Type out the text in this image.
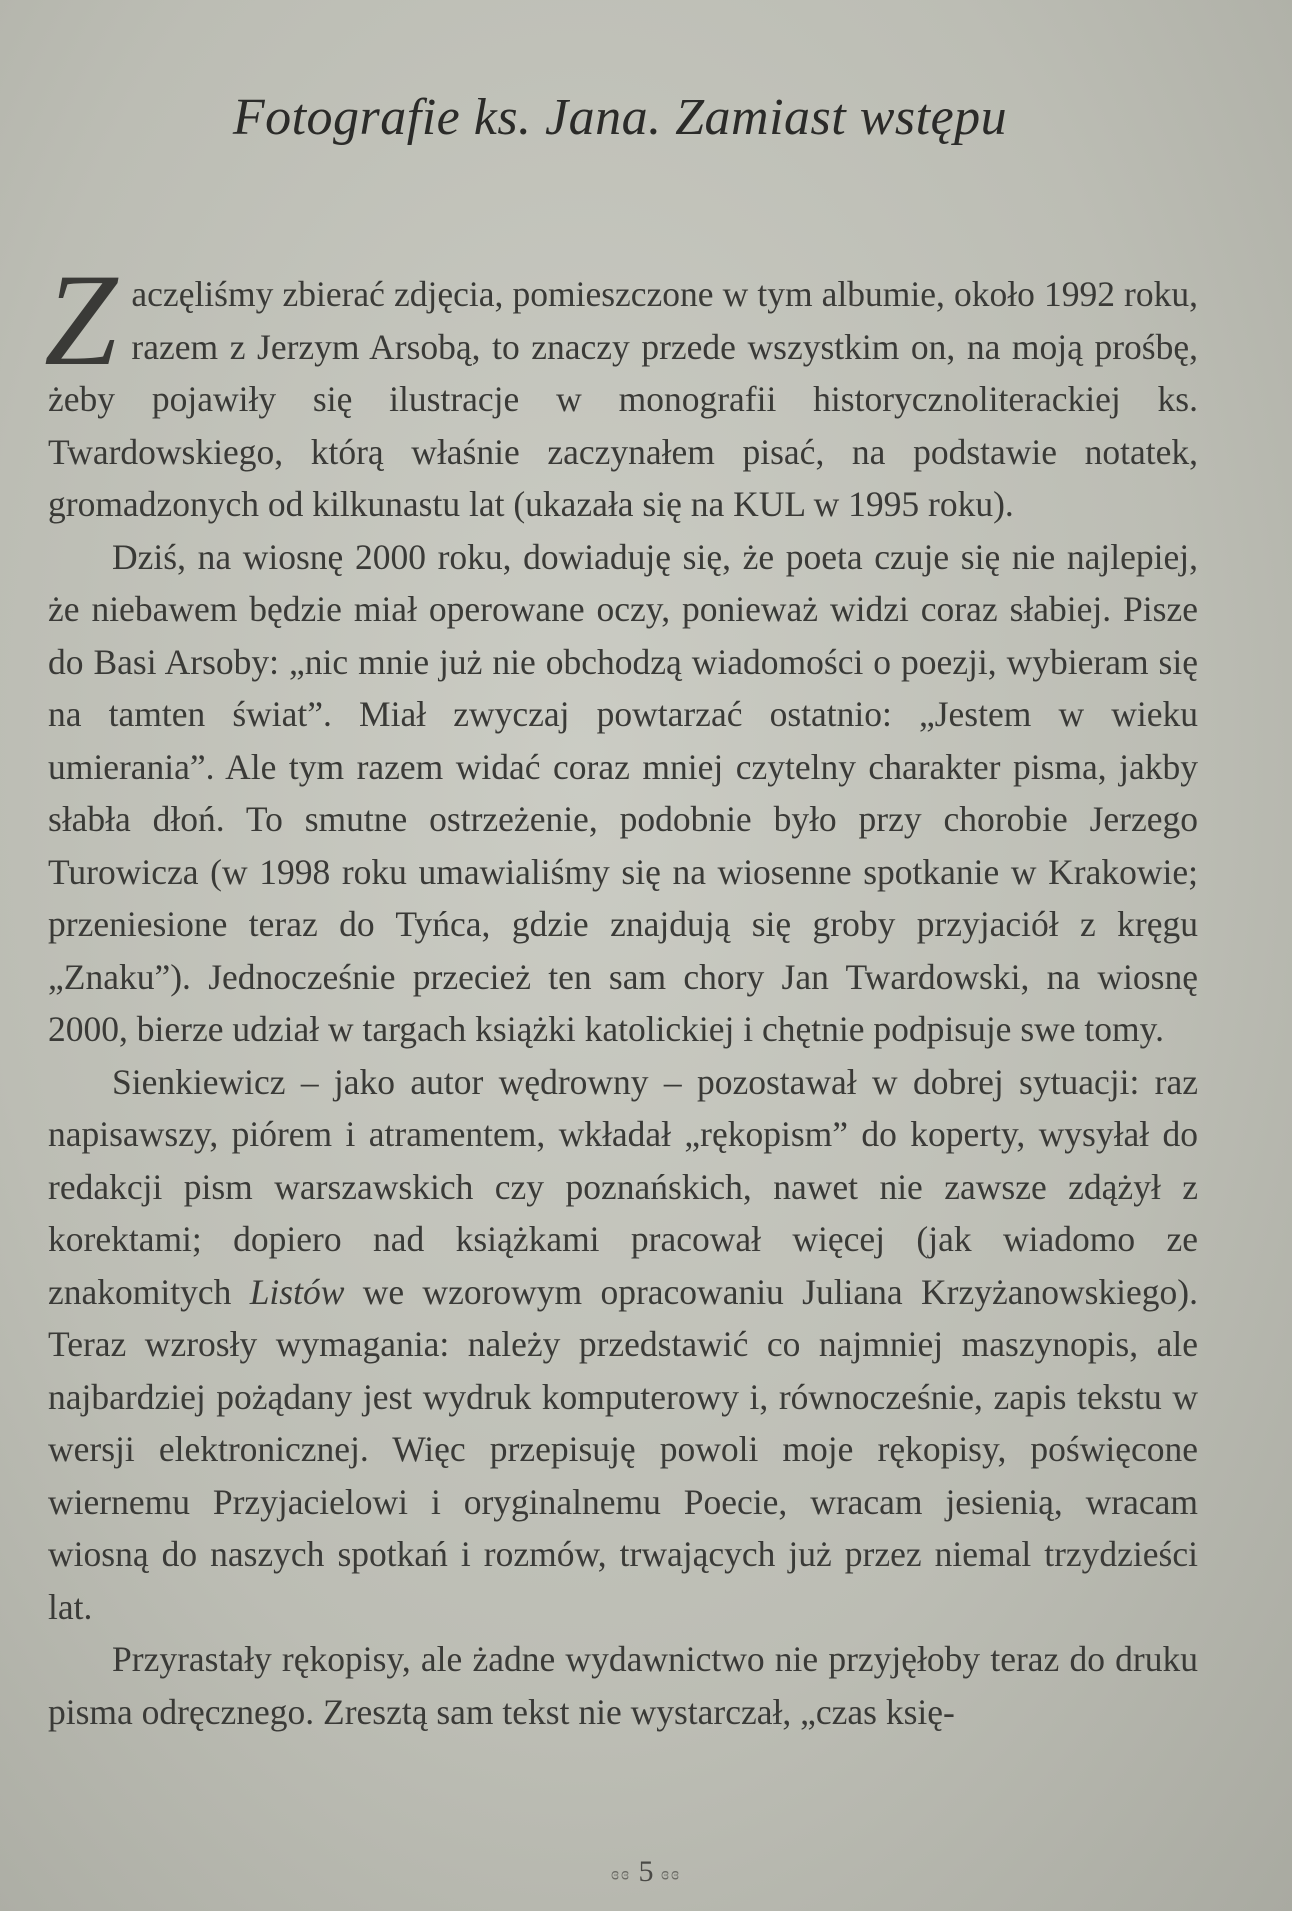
Fotografie ks. Jana. Zamiast wstępu

Zaczęliśmy zbierać zdjęcia, pomieszczone w tym albumie, około 1992 roku, razem z Jerzym Arsobą, to znaczy przede wszystkim on, na moją prośbę, żeby pojawiły się ilustracje w monografii historycznoliterackiej ks. Twardowskiego, którą właśnie zaczynałem pisać, na podstawie notatek, gromadzonych od kilkunastu lat (ukazała się na KUL w 1995 roku).

Dziś, na wiosnę 2000 roku, dowiaduję się, że poeta czuje się nie najlepiej, że niebawem będzie miał operowane oczy, ponieważ widzi coraz słabiej. Pisze do Basi Arsoby: „nic mnie już nie obchodzą wiadomości o poezji, wybieram się na tamten świat”. Miał zwyczaj powtarzać ostatnio: „Jestem w wieku umierania”. Ale tym razem widać coraz mniej czytelny charakter pisma, jakby słabła dłoń. To smutne ostrzeżenie, podobnie było przy chorobie Jerzego Turowicza (w 1998 roku umawialiśmy się na wiosenne spotkanie w Krakowie; przeniesione teraz do Tyńca, gdzie znajdują się groby przyjaciół z kręgu „Znaku”). Jednocześnie przecież ten sam chory Jan Twardowski, na wiosnę 2000, bierze udział w targach książki katolickiej i chętnie podpisuje swe tomy.

Sienkiewicz – jako autor wędrowny – pozostawał w dobrej sytuacji: raz napisawszy, piórem i atramentem, wkładał „rękopism” do koperty, wysyłał do redakcji pism warszawskich czy poznańskich, nawet nie zawsze zdążył z korektami; dopiero nad książkami pracował więcej (jak wiadomo ze znakomitych Listów we wzorowym opracowaniu Juliana Krzyżanowskiego). Teraz wzrosły wymagania: należy przedstawić co najmniej maszynopis, ale najbardziej pożądany jest wydruk komputerowy i, równocześnie, zapis tekstu w wersji elektronicznej. Więc przepisuję powoli moje rękopisy, poświęcone wiernemu Przyjacielowi i oryginalnemu Poecie, wracam jesienią, wracam wiosną do naszych spotkań i rozmów, trwających już przez niemal trzydzieści lat.

Przyrastały rękopisy, ale żadne wydawnictwo nie przyjęłoby teraz do druku pisma odręcznego. Zresztą sam tekst nie wystarczał, „czas księ-

ɞɞ 5 ɞɞ
